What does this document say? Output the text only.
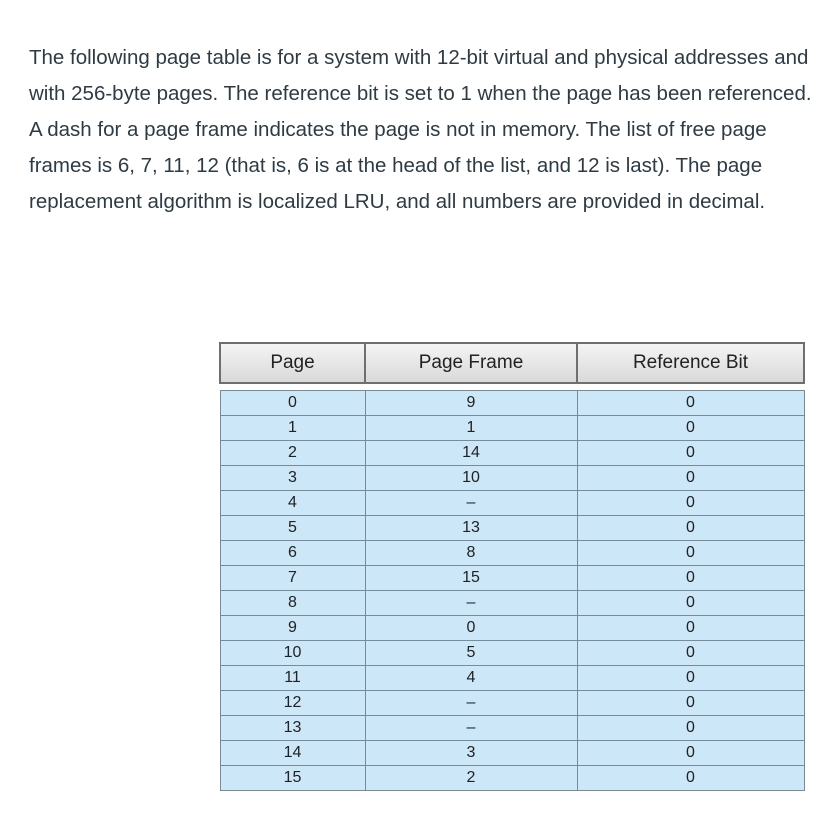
The following page table is for a system with 12-bit virtual and physical addresses and with 256-byte pages. The reference bit is set to 1 when the page has been referenced. A dash for a page frame indicates the page is not in memory. The list of free page frames is 6, 7, 11, 12 (that is, 6 is at the head of the list, and 12 is last). The page replacement algorithm is localized LRU, and all numbers are provided in decimal.

Page	Page Frame	Reference Bit

0	9	0
1	1	0
2	14	0
3	10	0
4	–	0
5	13	0
6	8	0
7	15	0
8	–	0
9	0	0
10	5	0
11	4	0
12	–	0
13	–	0
14	3	0
15	2	0
